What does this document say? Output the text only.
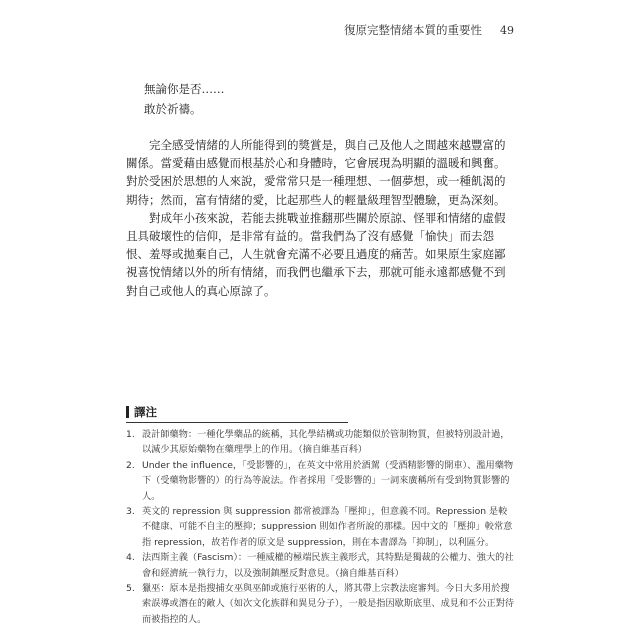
復原完整情緒本質的重要性 49
無論你是否……
敢於祈禱。

完全感受情緒的人所能得到的獎賞是，與自己及他人之間越來越豐富的關係。當愛藉由感覺而根基於心和身體時，它會展現為明顯的溫暖和興奮。對於受困於思想的人來說，愛常常只是一種理想、一個夢想，或一種飢渴的期待；然而，富有情緒的愛，比起那些人的輕量級理智型體驗，更為深刻。

對成年小孩來說，若能去挑戰並推翻那些關於原諒、怪罪和情緒的虛假且具破壞性的信仰，是非常有益的。當我們為了沒有感覺「愉快」而去怨恨、羞辱或拋棄自己，人生就會充滿不必要且過度的痛苦。如果原生家庭鄙視喜悅情緒以外的所有情緒，而我們也繼承下去，那就可能永遠都感覺不到對自己或他人的真心原諒了。

譯注
1. 設計師藥物：一種化學藥品的統稱，其化學結構或功能類似於管制物質，但被特別設計過，以減少其原始藥物在藥理學上的作用。（摘自維基百科）
2. Under the influence，「受影響的」，在英文中常用於酒駕（受酒精影響的開車）、濫用藥物下（受藥物影響的）的行為等說法。作者採用「受影響的」一詞來廣稱所有受到物質影響的人。
3. 英文的 repression 與 suppression 都常被譯為「壓抑」，但意義不同。Repression 是較不健康、可能不自主的壓抑；suppression 則如作者所說的那樣。因中文的「壓抑」較常意指 repression，故若作者的原文是 suppression，則在本書譯為「抑制」，以利區分。
4. 法西斯主義（Fascism）：一種威權的極端民族主義形式，其特點是獨裁的公權力、強大的社會和經濟統一執行力，以及強制鎮壓反對意見。（摘自維基百科）
5. 獵巫：原本是指搜捕女巫與巫師或施行巫術的人，將其帶上宗教法庭審判。今日大多用於搜索誤導或潛在的敵人（如次文化族群和異見分子），一般是指因歇斯底里、成見和不公正對待而被指控的人。
